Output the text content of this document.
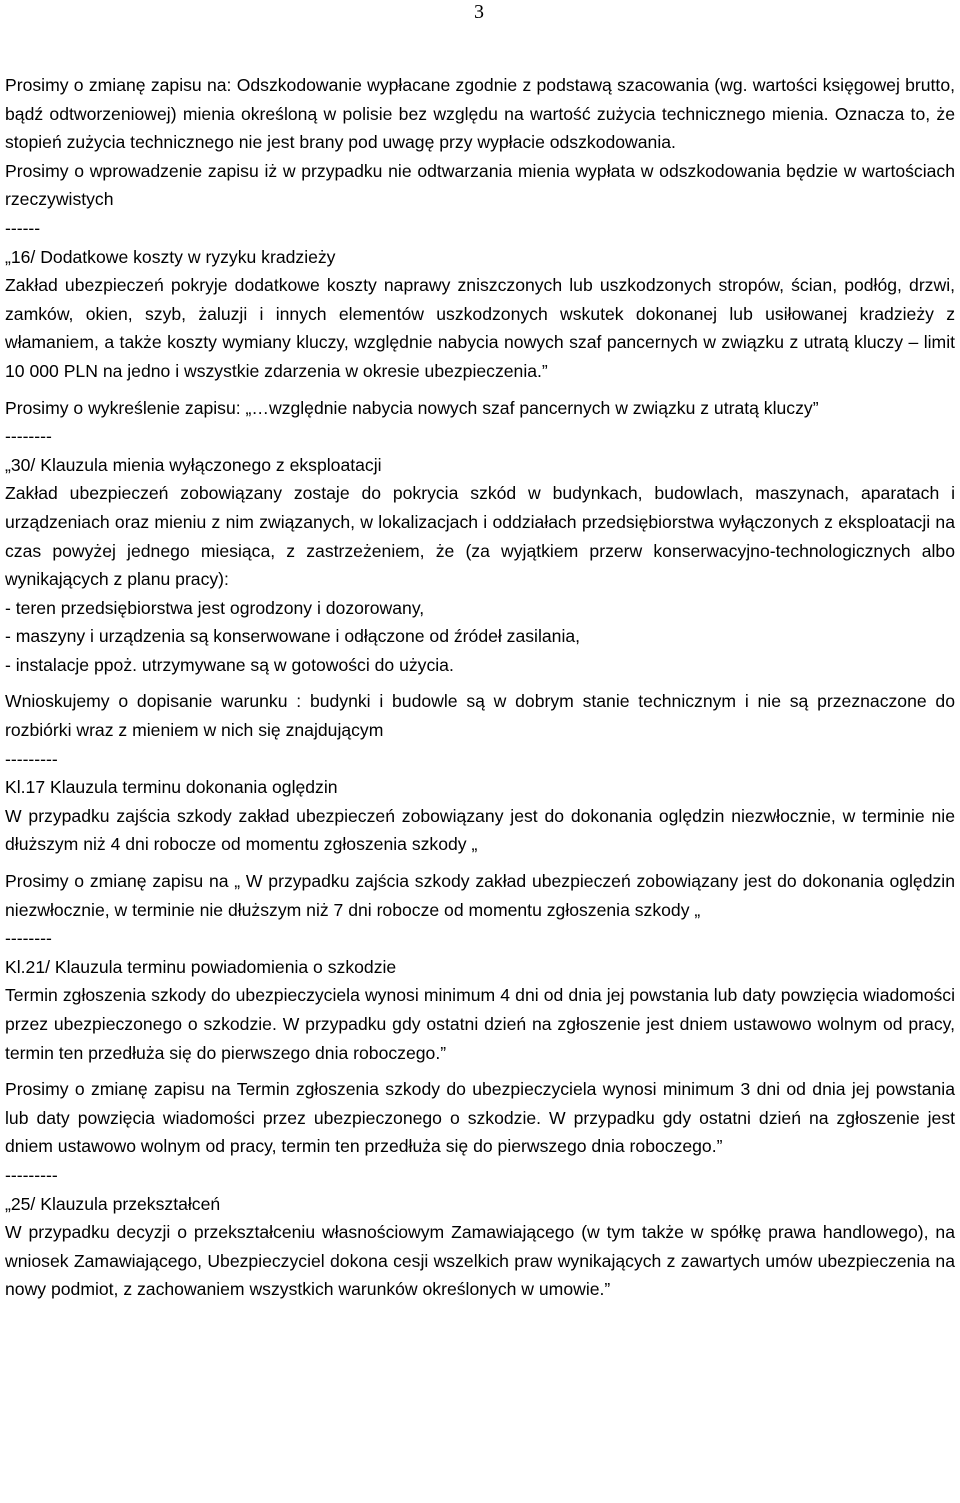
3

Prosimy o zmianę zapisu na: Odszkodowanie wypłacane zgodnie z podstawą szacowania (wg. wartości księgowej brutto, bądź odtworzeniowej) mienia określoną w polisie bez względu na wartość zużycia technicznego mienia. Oznacza to, że stopień zużycia technicznego nie jest brany pod uwagę przy wypłacie odszkodowania.

Prosimy o wprowadzenie zapisu iż w przypadku nie odtwarzania mienia wypłata w odszkodowania będzie w wartościach rzeczywistych

------

„16/ Dodatkowe koszty w ryzyku kradzieży

Zakład ubezpieczeń pokryje dodatkowe koszty naprawy zniszczonych lub uszkodzonych stropów, ścian, podłóg, drzwi, zamków, okien, szyb, żaluzji i innych elementów uszkodzonych wskutek dokonanej lub usiłowanej kradzieży z włamaniem, a także koszty wymiany kluczy, względnie nabycia nowych szaf pancernych w związku z utratą kluczy – limit 10 000 PLN na jedno i wszystkie zdarzenia w okresie ubezpieczenia.”

Prosimy o wykreślenie zapisu: „…względnie nabycia nowych szaf pancernych w związku z utratą kluczy”

--------

„30/ Klauzula mienia wyłączonego z eksploatacji

Zakład ubezpieczeń zobowiązany zostaje do pokrycia szkód w budynkach, budowlach, maszynach, aparatach i urządzeniach oraz mieniu z nim związanych, w lokalizacjach i oddziałach przedsiębiorstwa wyłączonych z eksploatacji na czas powyżej jednego miesiąca, z zastrzeżeniem, że (za wyjątkiem przerw konserwacyjno-technologicznych albo wynikających z planu pracy):

- teren przedsiębiorstwa jest ogrodzony i dozorowany,

- maszyny i urządzenia są konserwowane i odłączone od źródeł zasilania,

- instalacje ppoż. utrzymywane są w gotowości do użycia.

Wnioskujemy o dopisanie warunku : budynki i budowle są w dobrym stanie technicznym i nie są przeznaczone do rozbiórki wraz z mieniem w nich się znajdującym

---------

Kl.17 Klauzula terminu dokonania oględzin

W przypadku zajścia szkody zakład ubezpieczeń zobowiązany jest do dokonania oględzin niezwłocznie, w terminie nie dłuższym niż 4 dni robocze od momentu zgłoszenia szkody „

Prosimy o zmianę zapisu na „ W przypadku zajścia szkody zakład ubezpieczeń zobowiązany jest do dokonania oględzin niezwłocznie, w terminie nie dłuższym niż 7 dni robocze od momentu zgłoszenia szkody „

--------

Kl.21/ Klauzula terminu powiadomienia o szkodzie

Termin zgłoszenia szkody do ubezpieczyciela wynosi minimum 4 dni od dnia jej powstania lub daty powzięcia wiadomości przez ubezpieczonego o szkodzie. W przypadku gdy ostatni dzień na zgłoszenie jest dniem ustawowo wolnym od pracy, termin ten przedłuża się do pierwszego dnia roboczego.”

Prosimy o zmianę zapisu na Termin zgłoszenia szkody do ubezpieczyciela wynosi minimum 3 dni od dnia jej powstania lub daty powzięcia wiadomości przez ubezpieczonego o szkodzie. W przypadku gdy ostatni dzień na zgłoszenie jest dniem ustawowo wolnym od pracy, termin ten przedłuża się do pierwszego dnia roboczego.”

---------

„25/ Klauzula przekształceń

W przypadku decyzji o przekształceniu własnościowym Zamawiającego (w tym także w spółkę prawa handlowego), na wniosek Zamawiającego, Ubezpieczyciel dokona cesji wszelkich praw wynikających z zawartych umów ubezpieczenia na nowy podmiot, z zachowaniem wszystkich warunków określonych w umowie.”
